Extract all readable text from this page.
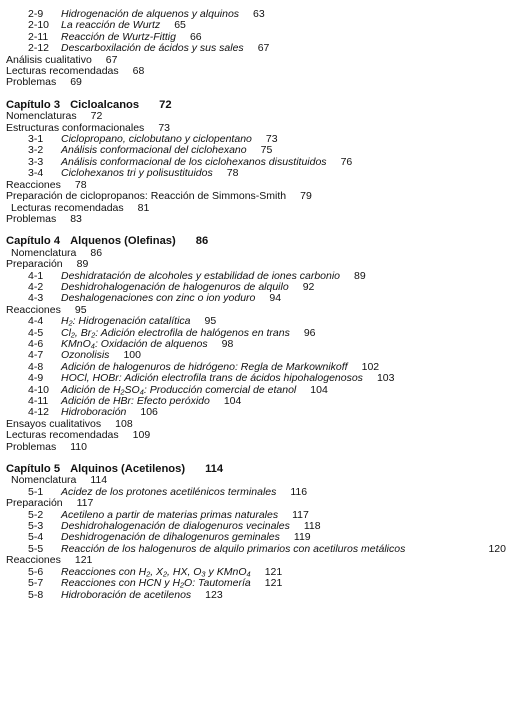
2-9 Hidrogenación de alquenos y alquinos 63
2-10 La reacción de Wurtz 65
2-11 Reacción de Wurtz-Fittig 66
2-12 Descarboxilación de ácidos y sus sales 67
Análisis cualitativo 67
Lecturas recomendadas 68
Problemas 69
Capítulo 3 Cicloalcanos 72
Nomenclaturas 72
Estructuras conformacionales 73
3-1 Ciclopropano, ciclobutano y ciclopentano 73
3-2 Análisis conformacional del ciclohexano 75
3-3 Análisis conformacional de los ciclohexanos disustituidos 76
3-4 Ciclohexanos tri y polisustituidos 78
Reacciones 78
Preparación de ciclopropanos: Reacción de Simmons-Smith 79
Lecturas recomendadas 81
Problemas 83
Capítulo 4 Alquenos (Olefinas) 86
Nomenclatura 86
Preparación 89
4-1 Deshidratación de alcoholes y estabilidad de iones carbonio 89
4-2 Deshidrohalogenación de halogenuros de alquilo 92
4-3 Deshalogenaciones con zinc o ion yoduro 94
Reacciones 95
4-4 H₂: Hidrogenación catalítica 95
4-5 Cl₂, Br₂: Adición electrofila de halógenos en trans 96
4-6 KMnO₄: Oxidación de alquenos 98
4-7 Ozonolisis 100
4-8 Adición de halogenuros de hidrógeno: Regla de Markownikoff 102
4-9 HOCl, HOBr: Adición electrofila trans de ácidos hipohalogenosos 103
4-10 Adición de H₂SO₄: Producción comercial de etanol 104
4-11 Adición de HBr: Efecto peróxido 104
4-12 Hidroboración 106
Ensayos cualitativos 108
Lecturas recomendadas 109
Problemas 110
Capítulo 5 Alquinos (Acetilenos) 114
Nomenclatura 114
5-1 Acidez de los protones acetilénicos terminales 116
Preparación 117
5-2 Acetileno a partir de materias primas naturales 117
5-3 Deshidrohalogenación de dialogenuros vecinales 118
5-4 Deshidrogenación de dihalogenuros geminales 119
5-5 Reacción de los halogenuros de alquilo primarios con acetiluros metálicos	120
Reacciones 121
5-6 Reacciones con H₂, X₂, HX, O₃ y KMnO₄ 121
5-7 Reacciones con HCN y H₂O: Tautomería 121
5-8 Hidroboración de acetilenos 123
